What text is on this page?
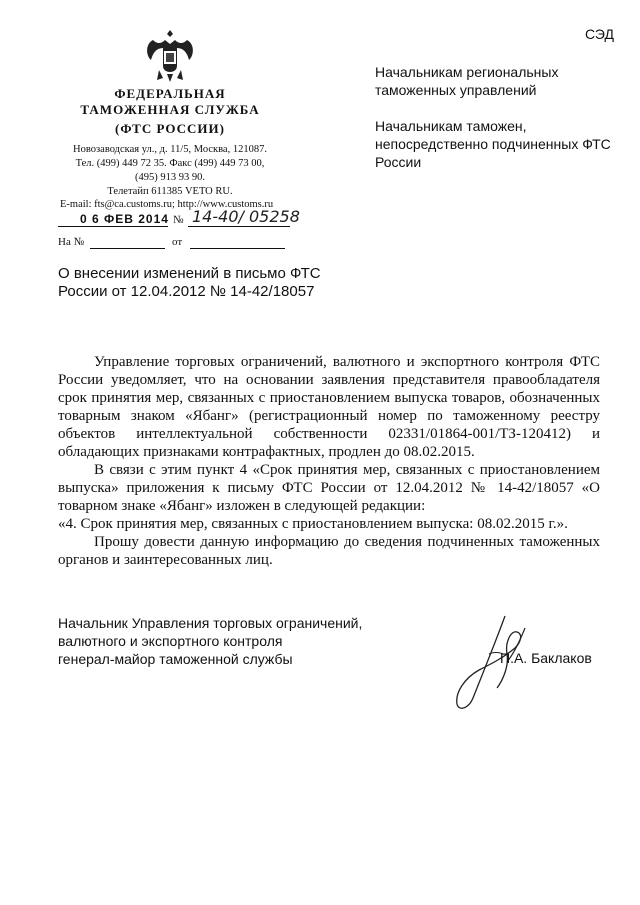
СЭД
ФЕДЕРАЛЬНАЯ
ТАМОЖЕННАЯ СЛУЖБА
(ФТС РОССИИ)
Новозаводская ул., д. 11/5, Москва, 121087.
Тел. (499) 449 72 35. Факс (499) 449 73 00,
(495) 913 93 90.
Телетайп 611385 VETO RU.
E-mail: fts@ca.customs.ru; http://www.customs.ru
0 6 ФЕВ 2014 № 14-40/ 05258
На №	от
Начальникам региональных таможенных управлений
Начальникам таможен, непосредственно подчиненных ФТС России
О внесении изменений в письмо ФТС России от 12.04.2012 № 14-42/18057

Управление торговых ограничений, валютного и экспортного контроля ФТС России уведомляет, что на основании заявления представителя правообладателя срок принятия мер, связанных с приостановлением выпуска товаров, обозначенных товарным знаком «Ябанг» (регистрационный номер по таможенному реестру объектов интеллектуальной собственности 02331/01864-001/ТЗ-120412) и обладающих признаками контрафактных, продлен до 08.02.2015.

В связи с этим пункт 4 «Срок принятия мер, связанных с приостановлением выпуска» приложения к письму ФТС России от 12.04.2012 № 14-42/18057 «О товарном знаке «Ябанг» изложен в следующей редакции:

«4. Срок принятия мер, связанных с приостановлением выпуска: 08.02.2015 г.».

Прошу довести данную информацию до сведения подчиненных таможенных органов и заинтересованных лиц.

Начальник Управления торговых ограничений,
валютного и экспортного контроля
генерал-майор таможенной службы	П.А. Баклаков
